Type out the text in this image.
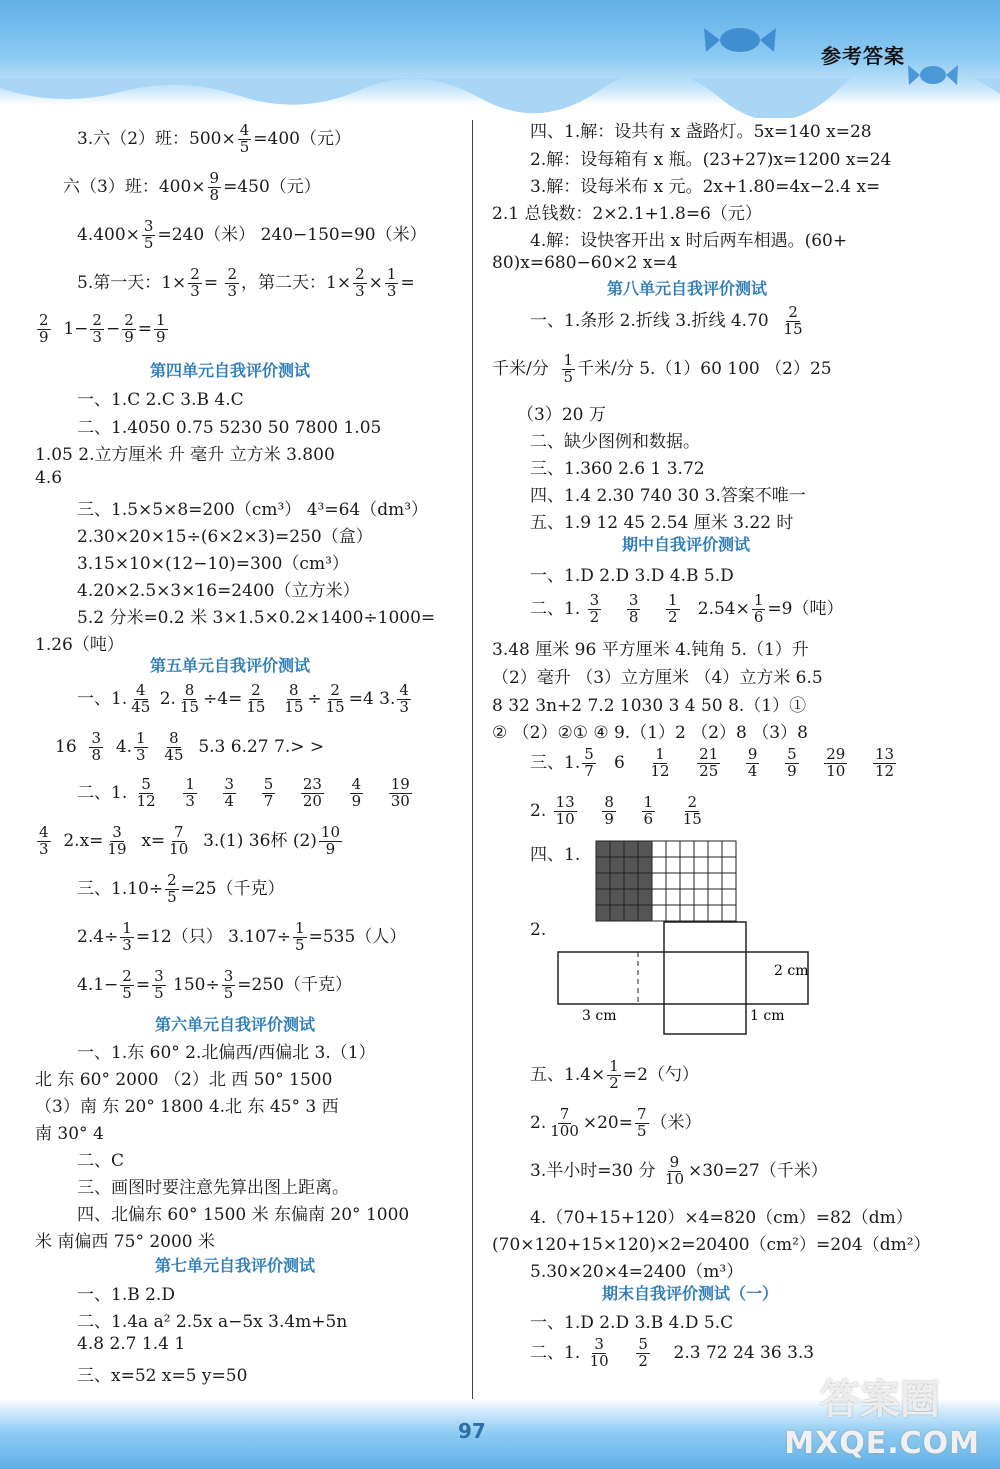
参考答案
3.六（2）班：$500\times \frac{4}{5} =400$（元）
六（3）班：$400\times \frac{9}{8} =450$（元）
$4.400\times \frac{3}{5} =240$（米） 240−150=90（米）
5.第一天：$1\times \frac{2}{3} = \frac{2}{3}$ ，第二天：$1\times \frac{2}{3} \times \frac{1}{3}$ =
$\frac{2}{9} 1- \frac{2}{3} - \frac{2}{9} = \frac{1}{9}$
第四单元自我评价测试
一、1.C 2.C 3.B 4.C
二、1.4050 0.75 5230 50 7800 1.05
1.05 2.立方厘米 升 毫升 立方米 3.800
4.6
三、1.5×5×8=200（cm³） 4³=64（dm³）
2.30×20×15÷(6×2×3)=250（盒）
3.15×10×(12−10)=300（cm³）
4.20×2.5×3×16=2400（立方米）
5.2 分米=0.2 米 3×1.5×0.2×1400÷1000=
1.26（吨）
第五单元自我评价测试
一、1. $\frac{4}{45} 2$. $\frac{8}{15} \div 4= \frac{2}{15}$
$\frac{8}{15} \div \frac{2}{15} =4$ 3. $\frac{4}{3}$
$16 \frac{3}{8} 4$. $\frac{1}{3}$
$\frac{8}{45} 5.3$ 6.27 7.> >
二、1. $\frac{5}{12}$
$\frac{1}{3}$
$\frac{3}{4}$
$\frac{5}{7}$
$\frac{23}{20}$
$\frac{4}{9}$
$\frac{19}{30}$
$\frac{4}{3} 2.x= \frac{3}{19} x= \frac{7}{10} 3.(1)$ 36杯 $(2) \frac{10}{9}$
三、$1.10\div \frac{2}{5} =25$（千克）
$2.4\div \frac{1}{3} =12$（只） $3.107\div \frac{1}{5} =535$（人）
$4.1- \frac{2}{5} = \frac{3}{5} 150\div \frac{3}{5} =250$（千克）
第六单元自我评价测试
一、1.东 60° 2.北偏西/西偏北 3.（1）
北 东 60° 2000 （2）北 西 50° 1500
（3）南 东 20° 1800 4.北 东 45° 3 西
南 30° 4
二、C
三、画图时要注意先算出图上距离。
四、北偏东 60° 1500 米 东偏南 20° 1000
米 南偏西 75° 2000 米
第七单元自我评价测试
一、1.B 2.D
二、1.4a a² 2.5x a−5x 3.4m+5n
4.8 2.7 1.4 1
三、x=52 x=5 y=50
四、1.解：设共有 x 盏路灯。5x=140 x=28
2.解：设每箱有 x 瓶。(23+27)x=1200 x=24
3.解：设每米布 x 元。2x+1.80=4x−2.4 x=
2.1 总钱数：2×2.1+1.8=6（元）
4.解：设快客开出 x 时后两车相遇。(60+
80)x=680−60×2 x=4
第八单元自我评价测试
一、1.条形 2.折线 3.折线 $4.70 \frac{2}{15}$
千米/分 $\frac{1}{5}$ 千米/分 5.（1）60 100 （2）25
（3）20 万
二、缺少图例和数据。
三、1.360 2.6 1 3.72
四、1.4 2.30 740 30 3.答案不唯一
五、1.9 12 45 2.54 厘米 3.22 时
期中自我评价测试
一、1.D 2.D 3.D 4.B 5.D
二、1. $\frac{3}{2}$
$\frac{3}{8}$
$\frac{1}{2} 2.54\times \frac{1}{6} =9$（吨）
3.48 厘米 96 平方厘米 4.钝角 5.（1）升
（2）毫升 （3）立方厘米 （4）立方米 6.5
8 32 3n+2 7.2 1030 3 4 50 8.（1）①
② （2）②① ④ 9.（1）2 （2）8 （3）8
三、1. $\frac{5}{7} 6 \frac{1}{12}$
$\frac{21}{25}$
$\frac{9}{4}$
$\frac{5}{9}$
$\frac{29}{10}$
$\frac{13}{12}$
2. $\frac{13}{10}$
$\frac{8}{9}$
$\frac{1}{6}$
$\frac{2}{15}$
四、1.
2.
2 cm
3 cm	1 cm
五、$1.4\times \frac{1}{2} =2$（勺）
2. $\frac{7}{100} \times 20= \frac{7}{5}$ （米）
3.半小时=30 分 $\frac{9}{10} \times 30=27$（千米）
4.（70+15+120）×4=820（cm）=82（dm）
(70×120+15×120)×2=20400（cm²）=204（dm²）
5.30×20×4=2400（m³）
期末自我评价测试（一）
一、1.D 2.D 3.B 4.D 5.C
二、1. $\frac{3}{10}$
$\frac{5}{2} 2.3$ 72 24 36 3.3
97
答案圈
MXQE.COM
